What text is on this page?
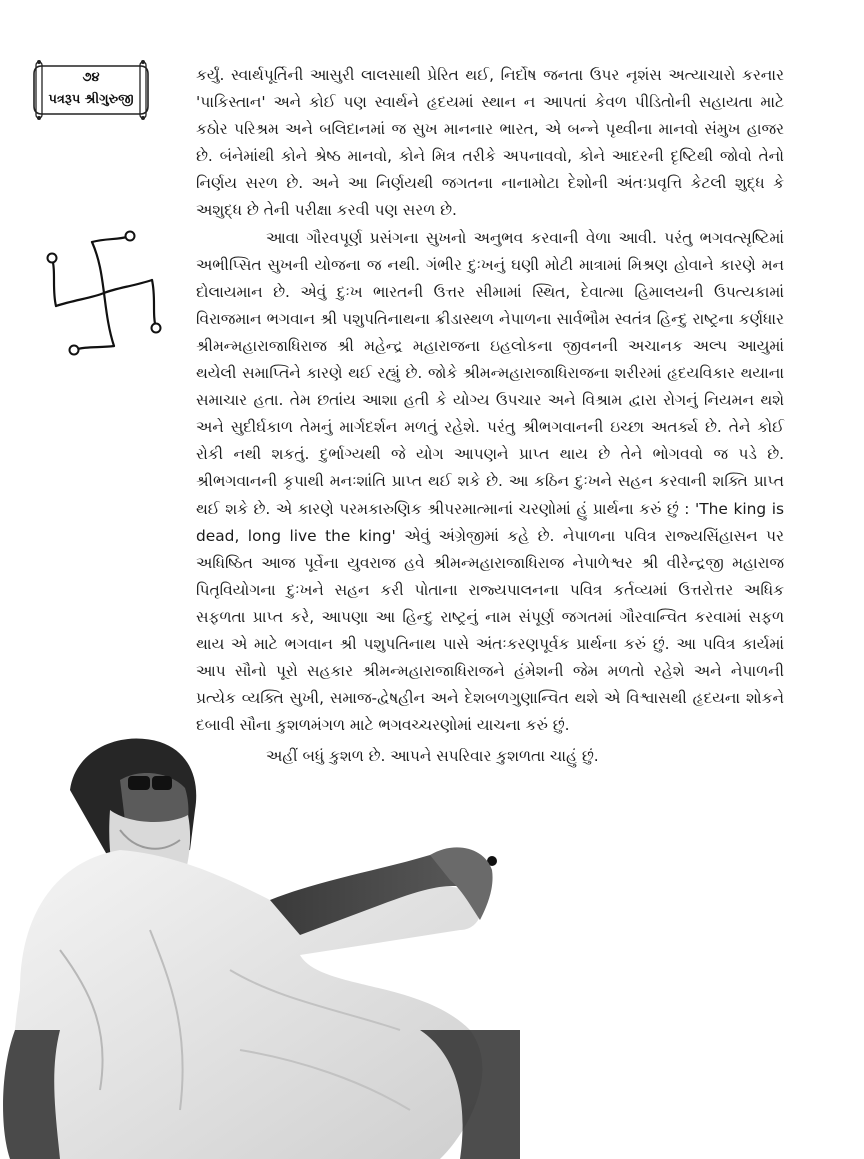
૭૪
પત્રરૂપ શ્રીગુરુજી

કર્યું. સ્વાર્થપૂર્તિની આસુરી લાલસાથી પ્રેરિત થઈ, નિર્દોષ જનતા ઉપર નૃશંસ અત્યાચારો કરનાર 'પાકિસ્તાન' અને કોઈ પણ સ્વાર્થને હૃદયમાં સ્થાન ન આપતાં કેવળ પીડિતોની સહાયતા માટે કઠોર પરિશ્રમ અને બલિદાનમાં જ સુખ માનનાર ભારત, એ બન્ને પૃથ્વીના માનવો સંમુખ હાજર છે. બંનેમાંથી કોને શ્રેષ્ઠ માનવો, કોને મિત્ર તરીકે અપનાવવો, કોને આદરની દૃષ્ટિથી જોવો તેનો નિર્ણય સરળ છે. અને આ નિર્ણયથી જગતના નાનામોટા દેશોની અંતઃપ્રવૃત્તિ કેટલી શુદ્ધ કે અશુદ્ધ છે તેની પરીક્ષા કરવી પણ સરળ છે.

આવા ગૌરવપૂર્ણ પ્રસંગના સુખનો અનુભવ કરવાની વેળા આવી. પરંતુ ભગવત્સૃષ્ટિમાં અભીપ્સિત સુખની યોજના જ નથી. ગંભીર દુઃખનું ઘણી મોટી માત્રામાં મિશ્રણ હોવાને કારણે મન દોલાયમાન છે. એવું દુઃખ ભારતની ઉત્તર સીમામાં સ્થિત, દેવાત્મા હિમાલયની ઉપત્યકામાં વિરાજમાન ભગવાન શ્રી પશુપતિનાથના ક્રીડાસ્થળ નેપાળના સાર્વભૌમ સ્વતંત્ર હિન્દુ રાષ્ટ્રના કર્ણધાર શ્રીમન્મહારાજાધિરાજ શ્રી મહેન્દ્ર મહારાજના ઇહલોકના જીવનની અચાનક અલ્પ આયુમાં થયેલી સમાપ્તિને કારણે થઈ રહ્યું છે. જોકે શ્રીમન્મહારાજાધિરાજના શરીરમાં હૃદયવિકાર થયાના સમાચાર હતા. તેમ છતાંય આશા હતી કે યોગ્ય ઉપચાર અને વિશ્રામ દ્વારા રોગનું નિયમન થશે અને સુદીર્ઘકાળ તેમનું માર્ગદર્શન મળતું રહેશે. પરંતુ શ્રીભગવાનની ઇચ્છા અતર્ક્ય છે. તેને કોઈ રોકી નથી શકતું. દુર્ભાગ્યથી જે યોગ આપણને પ્રાપ્ત થાય છે તેને ભોગવવો જ પડે છે. શ્રીભગવાનની કૃપાથી મનઃશાંતિ પ્રાપ્ત થઈ શકે છે. આ કઠિન દુઃખને સહન કરવાની શક્તિ પ્રાપ્ત થઈ શકે છે. એ કારણે પરમકારુણિક શ્રીપરમાત્માનાં ચરણોમાં હું પ્રાર્થના કરું છું : 'The king is dead, long live the king' એવું અંગ્રેજીમાં કહે છે. નેપાળના પવિત્ર રાજ્યસિંહાસન પર અધિષ્ઠિત આજ પૂર્વેના યુવરાજ હવે શ્રીમન્મહારાજાધિરાજ નેપાળેશ્વર શ્રી વીરેન્દ્રજી મહારાજ પિતૃવિયોગના દુઃખને સહન કરી પોતાના રાજ્યપાલનના પવિત્ર કર્તવ્યમાં ઉત્તરોત્તર અધિક સફળતા પ્રાપ્ત કરે, આપણા આ હિન્દુ રાષ્ટ્રનું નામ સંપૂર્ણ જગતમાં ગૌરવાન્વિત કરવામાં સફળ થાય એ માટે ભગવાન શ્રી પશુપતિનાથ પાસે અંતઃકરણપૂર્વક પ્રાર્થના કરું છું. આ પવિત્ર કાર્યમાં આપ સૌનો પૂરો સહકાર શ્રીમન્મહારાજાધિરાજને હંમેશની જેમ મળતો રહેશે અને નેપાળની પ્રત્યેક વ્યક્તિ સુખી, સમાજ-દ્વેષહીન અને દેશબળગુણાન્વિત થશે એ વિશ્વાસથી હૃદયના શોકને દબાવી સૌના કુશળમંગળ માટે ભગવચ્ચરણોમાં યાચના કરું છું.

અહીં બધું કુશળ છે. આપને સપરિવાર કુશળતા ચાહું છું.
